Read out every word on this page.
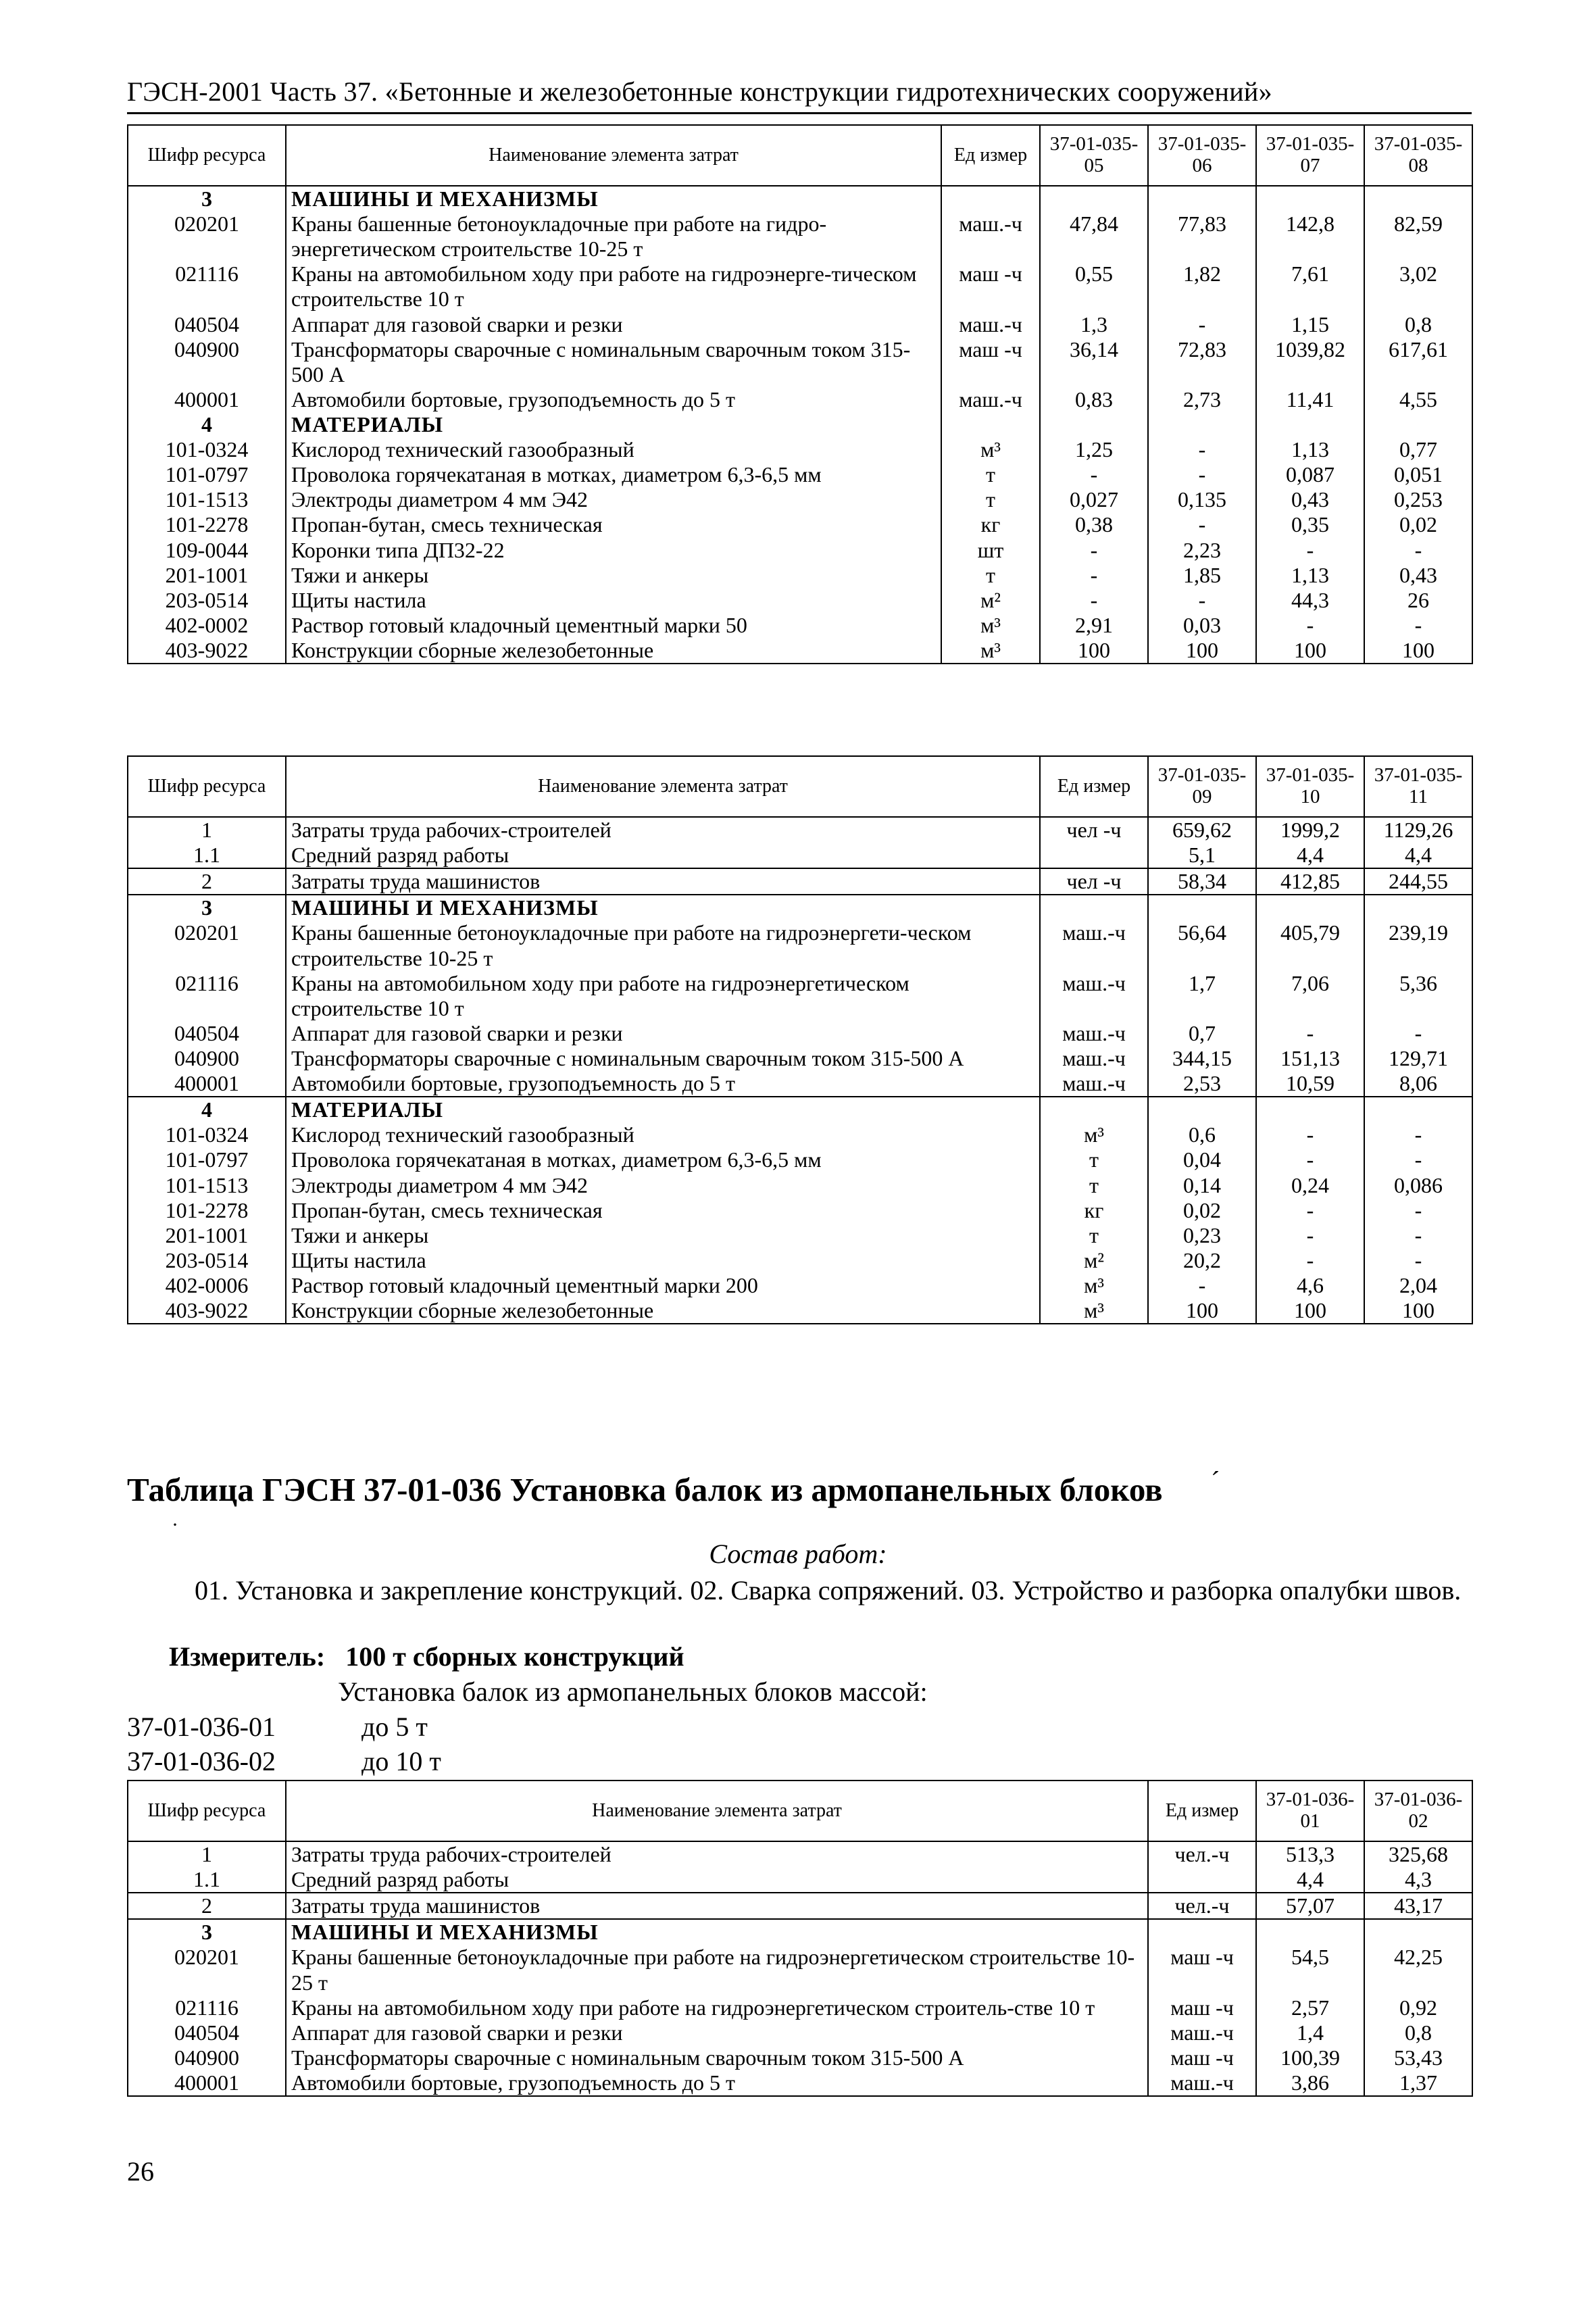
ГЭСН-2001 Часть 37. «Бетонные и железобетонные конструкции гидротехнических сооружений»
Шифр ресурса	Наименование элемента затрат	Ед измер	37-01-035-05	37-01-035-06	37-01-035-07	37-01-035-08
3	МАШИНЫ И МЕХАНИЗМЫ					
020201	Краны башенные бетоноукладочные при работе на гидро-энергетическом строительстве 10-25 т	маш.-ч	47,84	77,83	142,8	82,59
021116	Краны на автомобильном ходу при работе на гидроэнерге-тическом строительстве 10 т	маш -ч	0,55	1,82	7,61	3,02
040504	Аппарат для газовой сварки и резки	маш.-ч	1,3	-	1,15	0,8
040900	Трансформаторы сварочные с номинальным сварочным током 315-500 А	маш -ч	36,14	72,83	1039,82	617,61
400001	Автомобили бортовые, грузоподъемность до 5 т	маш.-ч	0,83	2,73	11,41	4,55
4	МАТЕРИАЛЫ					
101-0324	Кислород технический газообразный	м³	1,25	-	1,13	0,77
101-0797	Проволока горячекатаная в мотках, диаметром 6,3-6,5 мм	т	-	-	0,087	0,051
101-1513	Электроды диаметром 4 мм Э42	т	0,027	0,135	0,43	0,253
101-2278	Пропан-бутан, смесь техническая	кг	0,38	-	0,35	0,02
109-0044	Коронки типа ДП32-22	шт	-	2,23	-	-
201-1001	Тяжи и анкеры	т	-	1,85	1,13	0,43
203-0514	Щиты настила	м²	-	-	44,3	26
402-0002	Раствор готовый кладочный цементный марки 50	м³	2,91	0,03	-	-
403-9022	Конструкции сборные железобетонные	м³	100	100	100	100
Шифр ресурса	Наименование элемента затрат	Ед измер	37-01-035-09	37-01-035-10	37-01-035-11
1	Затраты труда рабочих-строителей	чел -ч	659,62	1999,2	1129,26
1.1	Средний разряд работы		5,1	4,4	4,4
2	Затраты труда машинистов	чел -ч	58,34	412,85	244,55
3	МАШИНЫ И МЕХАНИЗМЫ				
020201	Краны башенные бетоноукладочные при работе на гидроэнергети-ческом строительстве 10-25 т	маш.-ч	56,64	405,79	239,19
021116	Краны на автомобильном ходу при работе на гидроэнергетическом строительстве 10 т	маш.-ч	1,7	7,06	5,36
040504	Аппарат для газовой сварки и резки	маш.-ч	0,7	-	-
040900	Трансформаторы сварочные с номинальным сварочным током 315-500 А	маш.-ч	344,15	151,13	129,71
400001	Автомобили бортовые, грузоподъемность до 5 т	маш.-ч	2,53	10,59	8,06
4	МАТЕРИАЛЫ				
101-0324	Кислород технический газообразный	м³	0,6	-	-
101-0797	Проволока горячекатаная в мотках, диаметром 6,3-6,5 мм	т	0,04	-	-
101-1513	Электроды диаметром 4 мм Э42	т	0,14	0,24	0,086
101-2278	Пропан-бутан, смесь техническая	кг	0,02	-	-
201-1001	Тяжи и анкеры	т	0,23	-	-
203-0514	Щиты настила	м²	20,2	-	-
402-0006	Раствор готовый кладочный цементный марки 200	м³	-	4,6	2,04
403-9022	Конструкции сборные железобетонные	м³	100	100	100
Таблица ГЭСН 37-01-036 Установка балок из армопанельных блоков ˊ
·
Состав работ:
01. Установка и закрепление конструкций. 02. Сварка сопряжений. 03. Устройство и разборка опалубки швов.
Измеритель: 100 т сборных конструкций
Установка балок из армопанельных блоков массой:
37-01-036-01	до 5 т
37-01-036-02	до 10 т
Шифр ресурса	Наименование элемента затрат	Ед измер	37-01-036-01	37-01-036-02
1	Затраты труда рабочих-строителей	чел.-ч	513,3	325,68
1.1	Средний разряд работы		4,4	4,3
2	Затраты труда машинистов	чел.-ч	57,07	43,17
3	МАШИНЫ И МЕХАНИЗМЫ			
020201	Краны башенные бетоноукладочные при работе на гидроэнергетическом строительстве 10-25 т	маш -ч	54,5	42,25
021116	Краны на автомобильном ходу при работе на гидроэнергетическом строитель-стве 10 т	маш -ч	2,57	0,92
040504	Аппарат для газовой сварки и резки	маш.-ч	1,4	0,8
040900	Трансформаторы сварочные с номинальным сварочным током 315-500 А	маш -ч	100,39	53,43
400001	Автомобили бортовые, грузоподъемность до 5 т	маш.-ч	3,86	1,37
26
